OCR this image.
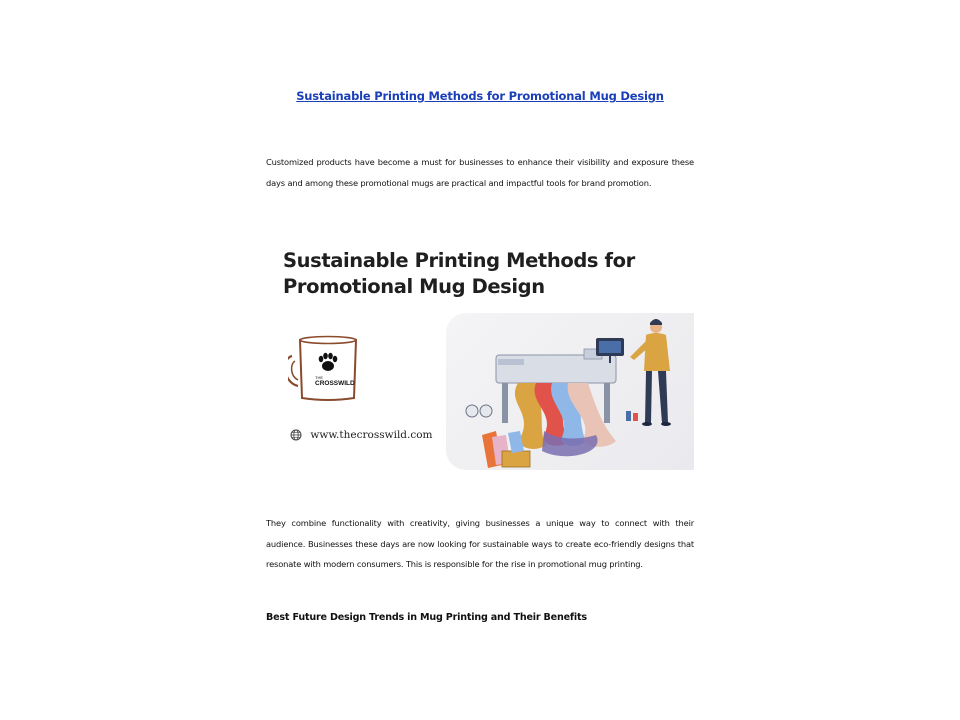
Sustainable Printing Methods for Promotional Mug Design
Customized products have become a must for businesses to enhance their visibility and exposure these days and among these promotional mugs are practical and impactful tools for brand promotion.
Sustainable Printing Methods for
Promotional Mug Design
THE
CROSSWILD
www.thecrosswild.com
They combine functionality with creativity, giving businesses a unique way to connect with their audience. Businesses these days are now looking for sustainable ways to create eco-friendly designs that resonate with modern consumers. This is responsible for the rise in promotional mug printing.
Best Future Design Trends in Mug Printing and Their Benefits
